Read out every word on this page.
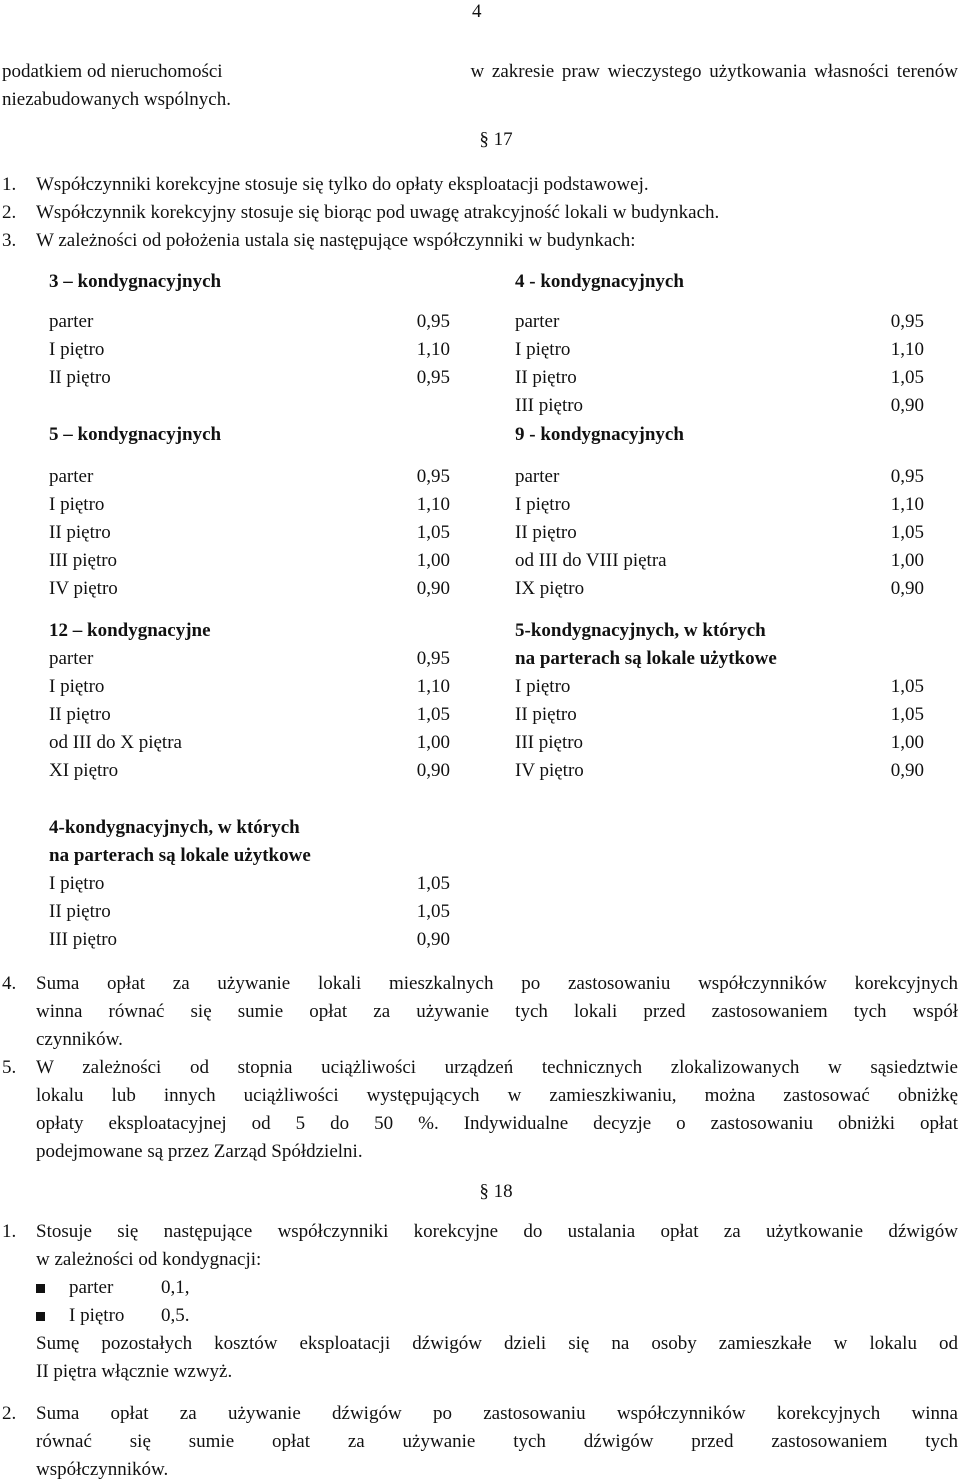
4
podatkiem od nieruchomości	w zakresie praw wieczystego użytkowania własności terenów
niezabudowanych wspólnych.
§ 17
1.	Współczynniki korekcyjne stosuje się tylko do opłaty eksploatacji podstawowej.
2.	Współczynnik korekcyjny stosuje się biorąc pod uwagę atrakcyjność lokali w budynkach.
3.	W zależności od położenia ustala się następujące współczynniki w budynkach:
3 – kondygnacyjnych
parter	0,95
I piętro	1,10
II piętro	0,95
4 - kondygnacyjnych
parter	0,95
I piętro	1,10
II piętro	1,05
III piętro	0,90
5 – kondygnacyjnych
parter	0,95
I piętro	1,10
II piętro	1,05
III piętro	1,00
IV piętro	0,90
9 - kondygnacyjnych
parter	0,95
I piętro	1,10
II piętro	1,05
od III do VIII piętra	1,00
IX piętro	0,90
12 – kondygnacyjne
parter	0,95
I piętro	1,10
II piętro	1,05
od III do X piętra	1,00
XI piętro	0,90
5-kondygnacyjnych, w których
na parterach są lokale użytkowe
I piętro	1,05
II piętro	1,05
III piętro	1,00
IV piętro	0,90
4-kondygnacyjnych, w których
na parterach są lokale użytkowe
I piętro	1,05
II piętro	1,05
III piętro	0,90
4.	Suma opłat za używanie lokali mieszkalnych po zastosowaniu współczynników korekcyjnych
winna równać się sumie opłat za używanie tych lokali przed zastosowaniem tych współ
czynników.
5.	W zależności od stopnia uciążliwości urządzeń technicznych zlokalizowanych w sąsiedztwie
lokalu lub innych uciążliwości występujących w zamieszkiwaniu, można zastosować obniżkę
opłaty eksploatacyjnej od 5 do 50 %. Indywidualne decyzje o zastosowaniu obniżki opłat
podejmowane są przez Zarząd Spółdzielni.
§ 18
1.	Stosuje się następujące współczynniki korekcyjne do ustalania opłat za użytkowanie dźwigów
w zależności od kondygnacji:
parter	0,1,
I piętro	0,5.
Sumę pozostałych kosztów eksploatacji dźwigów dzieli się na osoby zamieszkałe w lokalu od
II piętra włącznie wzwyż.
2.	Suma opłat za używanie dźwigów po zastosowaniu współczynników korekcyjnych winna
równać się sumie opłat za używanie tych dźwigów przed zastosowaniem tych
współczynników.
